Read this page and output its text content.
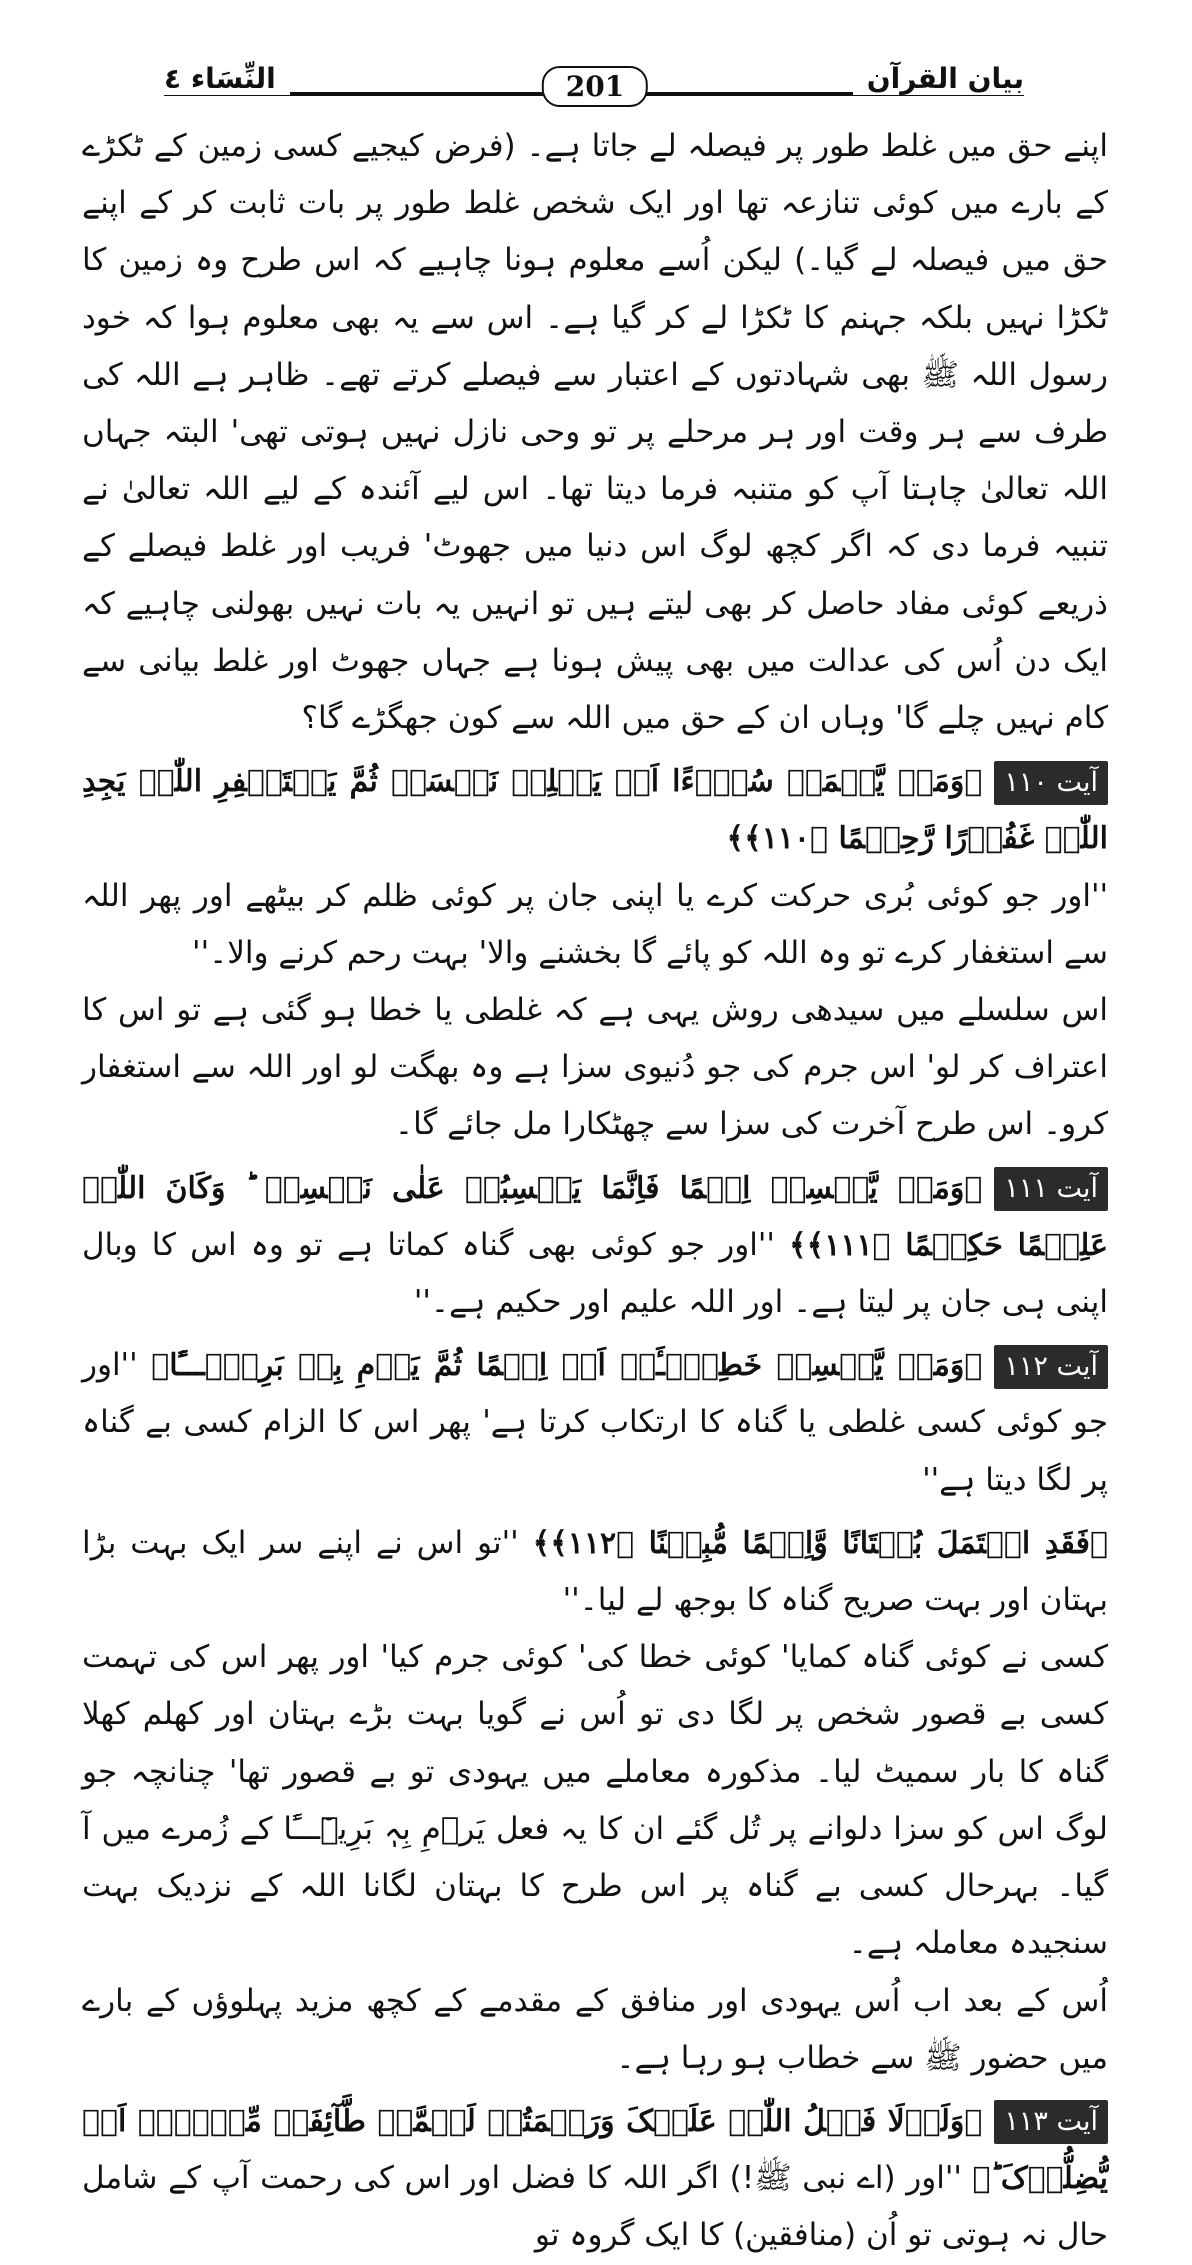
بیان القرآن
201
النِّسَاء ٤

اپنے حق میں غلط طور پر فیصلہ لے جاتا ہے۔ (فرض کیجیے کسی زمین کے ٹکڑے کے بارے میں کوئی تنازعہ تھا اور ایک شخص غلط طور پر بات ثابت کر کے اپنے حق میں فیصلہ لے گیا۔) لیکن اُسے معلوم ہونا چاہیے کہ اس طرح وہ زمین کا ٹکڑا نہیں بلکہ جہنم کا ٹکڑا لے کر گیا ہے۔ اس سے یہ بھی معلوم ہوا کہ خود رسول اللہ ﷺ بھی شہادتوں کے اعتبار سے فیصلے کرتے تھے۔ ظاہر ہے اللہ کی طرف سے ہر وقت اور ہر مرحلے پر تو وحی نازل نہیں ہوتی تھی' البتہ جہاں اللہ تعالیٰ چاہتا آپ کو متنبہ فرما دیتا تھا۔ اس لیے آئندہ کے لیے اللہ تعالیٰ نے تنبیہ فرما دی کہ اگر کچھ لوگ اس دنیا میں جھوٹ' فریب اور غلط فیصلے کے ذریعے کوئی مفاد حاصل کر بھی لیتے ہیں تو انہیں یہ بات نہیں بھولنی چاہیے کہ ایک دن اُس کی عدالت میں بھی پیش ہونا ہے جہاں جھوٹ اور غلط بیانی سے کام نہیں چلے گا' وہاں ان کے حق میں اللہ سے کون جھگڑے گا؟

آیت ۱۱۰﴿وَمَنۡ یَّعۡمَلۡ سُوۡٓءًا اَوۡ یَظۡلِمۡ نَفۡسَہٗ ثُمَّ یَسۡتَغۡفِرِ اللّٰہَ یَجِدِ اللّٰہَ غَفُوۡرًا رَّحِیۡمًا ﴿۱۱۰﴾﴾

''اور جو کوئی بُری حرکت کرے یا اپنی جان پر کوئی ظلم کر بیٹھے اور پھر اللہ سے استغفار کرے تو وہ اللہ کو پائے گا بخشنے والا' بہت رحم کرنے والا۔''

اس سلسلے میں سیدھی روش یہی ہے کہ غلطی یا خطا ہو گئی ہے تو اس کا اعتراف کر لو' اس جرم کی جو دُنیوی سزا ہے وہ بھگت لو اور اللہ سے استغفار کرو۔ اس طرح آخرت کی سزا سے چھٹکارا مل جائے گا۔

آیت ۱۱۱﴿وَمَنۡ یَّکۡسِبۡ اِثۡمًا فَاِنَّمَا یَکۡسِبُہٗ عَلٰی نَفۡسِہٖ ؕ وَکَانَ اللّٰہُ عَلِیۡمًا حَکِیۡمًا ﴿۱۱۱﴾﴾ ''اور جو کوئی بھی گناہ کماتا ہے تو وہ اس کا وبال اپنی ہی جان پر لیتا ہے۔ اور اللہ علیم اور حکیم ہے۔''
آیت ۱۱۲﴿وَمَنۡ یَّکۡسِبۡ خَطِیۡٓـَٔۃً اَوۡ اِثۡمًا ثُمَّ یَرۡمِ بِہٖ بَرِیۡٓـــًٔا﴾ ''اور جو کوئی کسی غلطی یا گناہ کا ارتکاب کرتا ہے' پھر اس کا الزام کسی بے گناہ پر لگا دیتا ہے''
﴿فَقَدِ احۡتَمَلَ بُہۡتَانًا وَّاِثۡمًا مُّبِیۡنًا ﴿۱۱۲﴾﴾ ''تو اس نے اپنے سر ایک بہت بڑا بہتان اور بہت صریح گناہ کا بوجھ لے لیا۔''

کسی نے کوئی گناہ کمایا' کوئی خطا کی' کوئی جرم کیا' اور پھر اس کی تہمت کسی بے قصور شخص پر لگا دی تو اُس نے گویا بہت بڑے بہتان اور کھلم کھلا گناہ کا بار سمیٹ لیا۔ مذکورہ معاملے میں یہودی تو بے قصور تھا' چنانچہ جو لوگ اس کو سزا دلوانے پر تُل گئے ان کا یہ فعل یَرۡمِ بِہٖ بَرِیۡٓـــًٔا کے زُمرے میں آ گیا۔ بہرحال کسی بے گناہ پر اس طرح کا بہتان لگانا اللہ کے نزدیک بہت سنجیدہ معاملہ ہے۔

اُس کے بعد اب اُس یہودی اور منافق کے مقدمے کے کچھ مزید پہلوؤں کے بارے میں حضور ﷺ سے خطاب ہو رہا ہے۔

آیت ۱۱۳﴿وَلَوۡلَا فَضۡلُ اللّٰہِ عَلَیۡکَ وَرَحۡمَتُہٗ لَہَمَّتۡ طَّآئِفَۃٌ مِّنۡہُمۡ اَنۡ یُّضِلُّوۡکَ ؕ﴾ ''اور (اے نبی ﷺ!) اگر اللہ کا فضل اور اس کی رحمت آپ کے شامل حال نہ ہوتی تو اُن (منافقین) کا ایک گروہ تو
